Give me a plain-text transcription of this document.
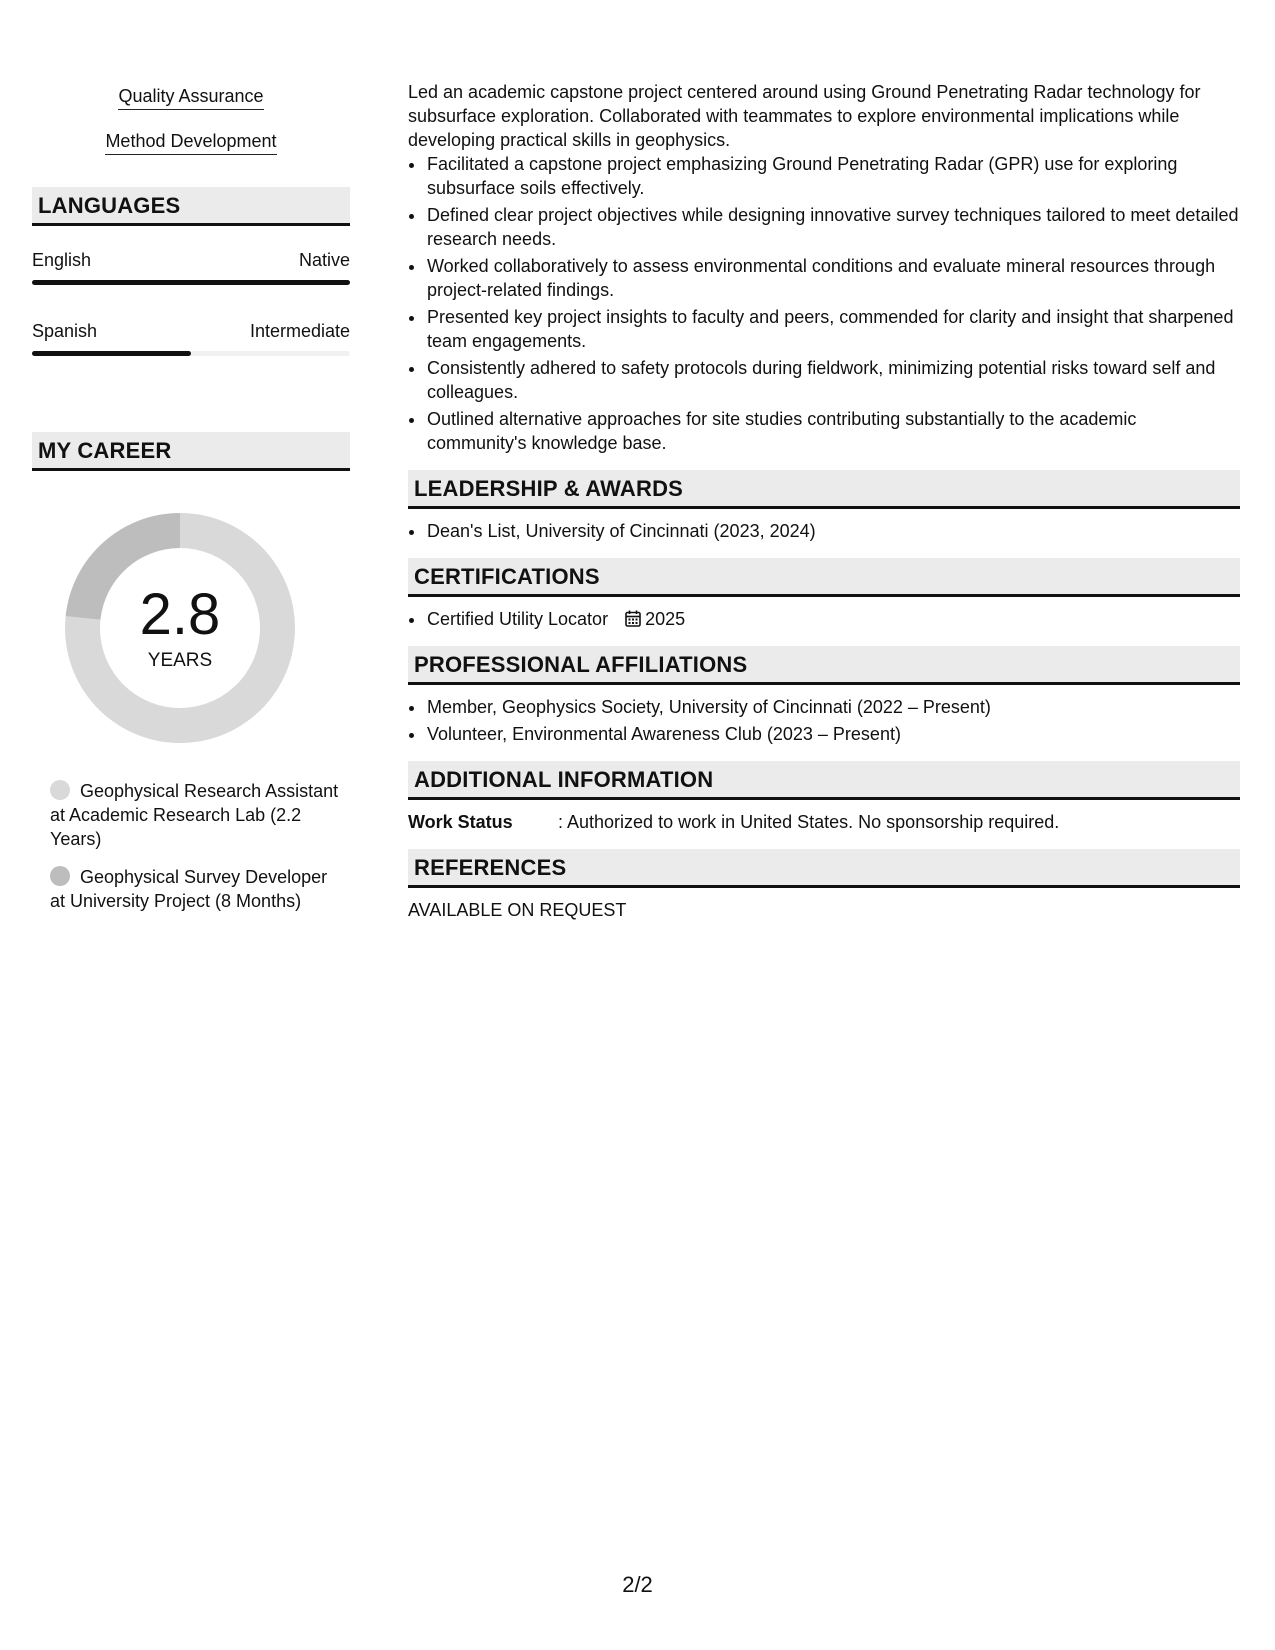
Quality Assurance
Method Development
LANGUAGES
English	Native
Spanish	Intermediate
MY CAREER
2.8
YEARS
Geophysical Research Assistant at Academic Research Lab (2.2 Years)
Geophysical Survey Developer at University Project (8 Months)

Led an academic capstone project centered around using Ground Penetrating Radar technology for subsurface exploration. Collaborated with teammates to explore environmental implications while developing practical skills in geophysics.

• Facilitated a capstone project emphasizing Ground Penetrating Radar (GPR) use for exploring subsurface soils effectively.
• Defined clear project objectives while designing innovative survey techniques tailored to meet detailed research needs.
• Worked collaboratively to assess environmental conditions and evaluate mineral resources through project-related findings.
• Presented key project insights to faculty and peers, commended for clarity and insight that sharpened team engagements.
• Consistently adhered to safety protocols during fieldwork, minimizing potential risks toward self and colleagues.
• Outlined alternative approaches for site studies contributing substantially to the academic community's knowledge base.
LEADERSHIP & AWARDS
• Dean's List, University of Cincinnati (2023, 2024)
CERTIFICATIONS
• Certified Utility Locator 2025
PROFESSIONAL AFFILIATIONS
• Member, Geophysics Society, University of Cincinnati (2022 – Present)
• Volunteer, Environmental Awareness Club (2023 – Present)
ADDITIONAL INFORMATION
Work Status	: Authorized to work in United States. No sponsorship required.
REFERENCES
AVAILABLE ON REQUEST
2/2
